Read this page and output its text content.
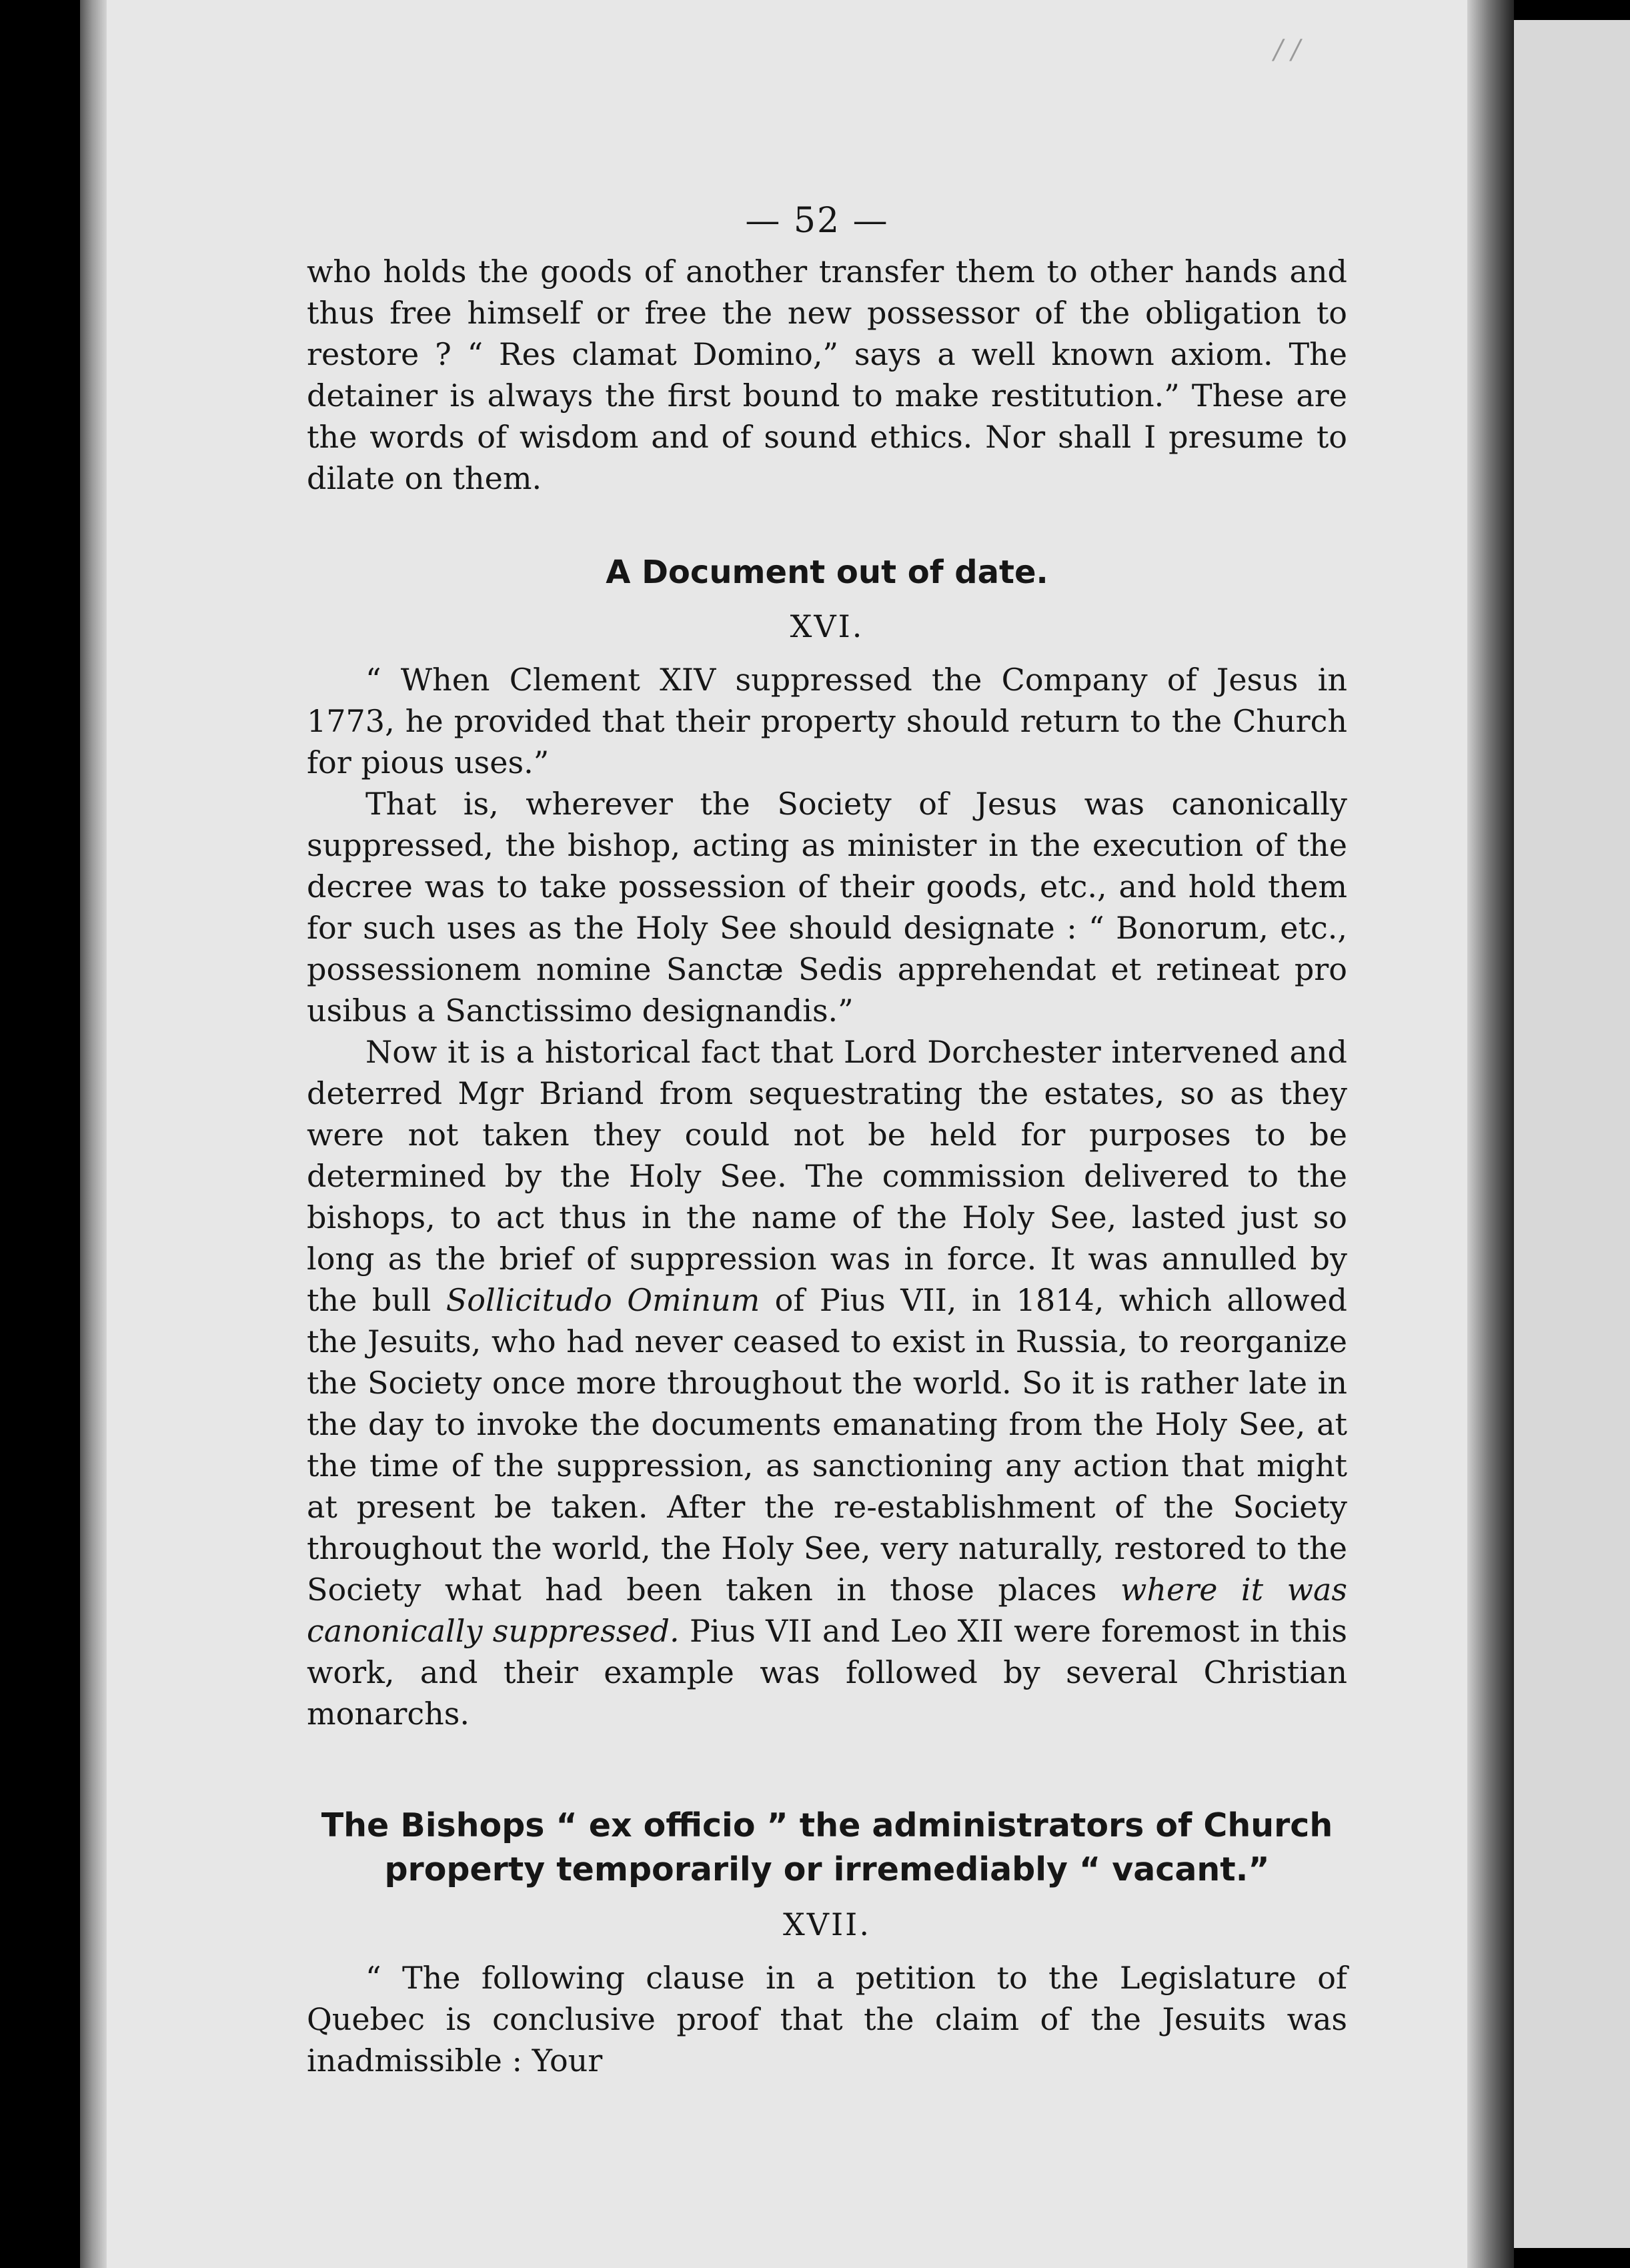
/ /
— 52 —

who holds the goods of another transfer them to other hands and thus free himself or free the new possessor of the obligation to restore ? “ Res clamat Domino,” says a well known axiom. The detainer is always the first bound to make restitution.” These are the words of wisdom and of sound ethics. Nor shall I presume to dilate on them.

A Document out of date.
XVI.

“ When Clement XIV suppressed the Company of Jesus in 1773, he provided that their property should return to the Church for pious uses.”

That is, wherever the Society of Jesus was canonically suppressed, the bishop, acting as minister in the execution of the decree was to take possession of their goods, etc., and hold them for such uses as the Holy See should designate : “ Bonorum, etc., possessionem nomine Sanctæ Sedis apprehendat et retineat pro usibus a Sanctissimo designandis.”

Now it is a historical fact that Lord Dorchester intervened and deterred Mgr Briand from sequestrating the estates, so as they were not taken they could not be held for purposes to be determined by the Holy See. The commission delivered to the bishops, to act thus in the name of the Holy See, lasted just so long as the brief of suppression was in force. It was annulled by the bull Sollicitudo Ominum of Pius VII, in 1814, which allowed the Jesuits, who had never ceased to exist in Russia, to reorganize the Society once more throughout the world. So it is rather late in the day to invoke the documents emanating from the Holy See, at the time of the suppression, as sanctioning any action that might at present be taken. After the re-establishment of the Society throughout the world, the Holy See, very naturally, restored to the Society what had been taken in those places where it was canonically suppressed. Pius VII and Leo XII were foremost in this work, and their example was followed by several Christian monarchs.

The Bishops “ ex officio ” the administrators of Church
property temporarily or irremediably “ vacant.”
XVII.

“ The following clause in a petition to the Legislature of Quebec is conclusive proof that the claim of the Jesuits was inadmissible : Your
